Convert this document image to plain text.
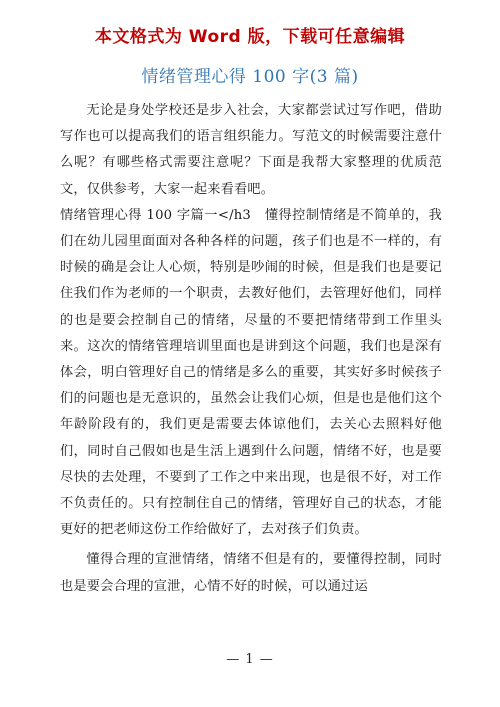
本文格式为 Word 版，下载可任意编辑
情绪管理心得 100 字(3 篇)

无论是身处学校还是步入社会，大家都尝试过写作吧，借助写作也可以提高我们的语言组织能力。写范文的时候需要注意什么呢？有哪些格式需要注意呢？下面是我帮大家整理的优质范文，仅供参考，大家一起来看看吧。

情绪管理心得 100 字篇一</h3　懂得控制情绪是不简单的，我们在幼儿园里面面对各种各样的问题，孩子们也是不一样的，有时候的确是会让人心烦，特别是吵闹的时候，但是我们也是要记住我们作为老师的一个职责，去教好他们，去管理好他们，同样的也是要会控制自己的情绪，尽量的不要把情绪带到工作里头来。这次的情绪管理培训里面也是讲到这个问题，我们也是深有体会，明白管理好自己的情绪是多么的重要，其实好多时候孩子们的问题也是无意识的，虽然会让我们心烦，但是也是他们这个年龄阶段有的，我们更是需要去体谅他们，去关心去照料好他们，同时自己假如也是生活上遇到什么问题，情绪不好，也是要尽快的去处理，不要到了工作之中来出现，也是很不好，对工作不负责任的。只有控制住自己的情绪，管理好自己的状态，才能更好的把老师这份工作给做好了，去对孩子们负责。

懂得合理的宣泄情绪，情绪不但是有的，要懂得控制，同时也是要会合理的宣泄，心情不好的时候，可以通过运

— 1 —
